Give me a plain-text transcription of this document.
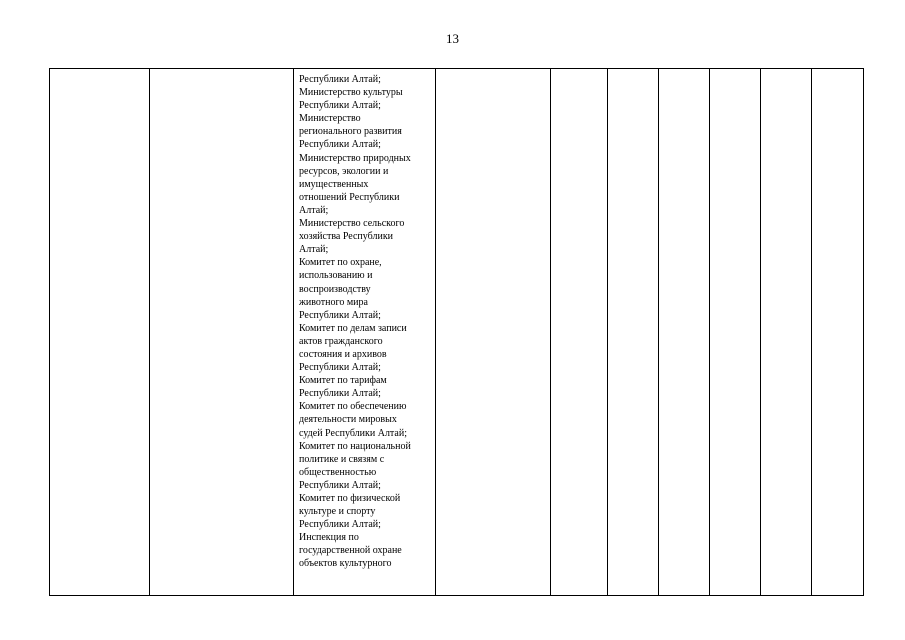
13

Республики Алтай;
Министерство культуры
Республики Алтай;
Министерство
регионального развития
Республики Алтай;
Министерство природных
ресурсов, экологии и
имущественных
отношений Республики
Алтай;
Министерство сельского
хозяйства Республики
Алтай;
Комитет по охране,
использованию и
воспроизводству
животного мира
Республики Алтай;
Комитет по делам записи
актов гражданского
состояния и архивов
Республики Алтай;
Комитет по тарифам
Республики Алтай;
Комитет по обеспечению
деятельности мировых
судей Республики Алтай;
Комитет по национальной
политике и связям с
общественностью
Республики Алтай;
Комитет по физической
культуре и спорту
Республики Алтай;
Инспекция по
государственной охране
объектов культурного
